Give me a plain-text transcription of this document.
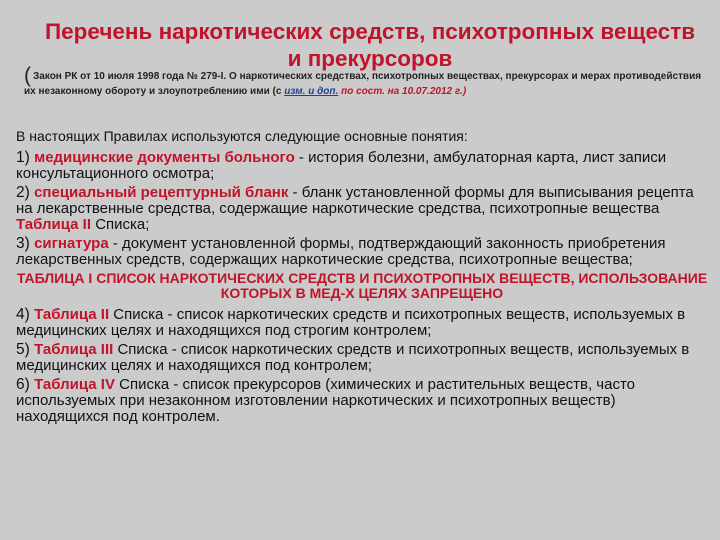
Перечень наркотических средств, психотропных веществ и прекурсоров
( Закон РК от 10 июля 1998 года № 279-I. О наркотических средствах, психотропных веществах, прекурсорах и мерах противодействия их незаконному обороту и злоупотреблению ими (с изм. и доп. по сост. на 10.07.2012 г.)

В настоящих Правилах используются следующие основные понятия:

1) медицинские документы больного - история болезни, амбулаторная карта, лист записи консультационного осмотра;

2) специальный рецептурный бланк - бланк установленной формы для выписывания рецепта на лекарственные средства, содержащие наркотические средства, психотропные вещества Таблица II Списка;

3) сигнатура - документ установленной формы, подтверждающий законность приобретения лекарственных средств, содержащих наркотические средства, психотропные вещества;

ТАБЛИЦА I СПИСОК НАРКОТИЧЕСКИХ СРЕДСТВ И ПСИХОТРОПНЫХ ВЕЩЕСТВ, ИСПОЛЬЗОВАНИЕ КОТОРЫХ В МЕД-Х ЦЕЛЯХ ЗАПРЕЩЕНО

4) Таблица II Списка - список наркотических средств и психотропных веществ, используемых в медицинских целях и находящихся под строгим контролем;

5) Таблица III Списка - список наркотических средств и психотропных веществ, используемых в медицинских целях и находящихся под контролем;

6) Таблица IV Списка - список прекурсоров (химических и растительных веществ, часто используемых при незаконном изготовлении наркотических и психотропных веществ) находящихся под контролем.
